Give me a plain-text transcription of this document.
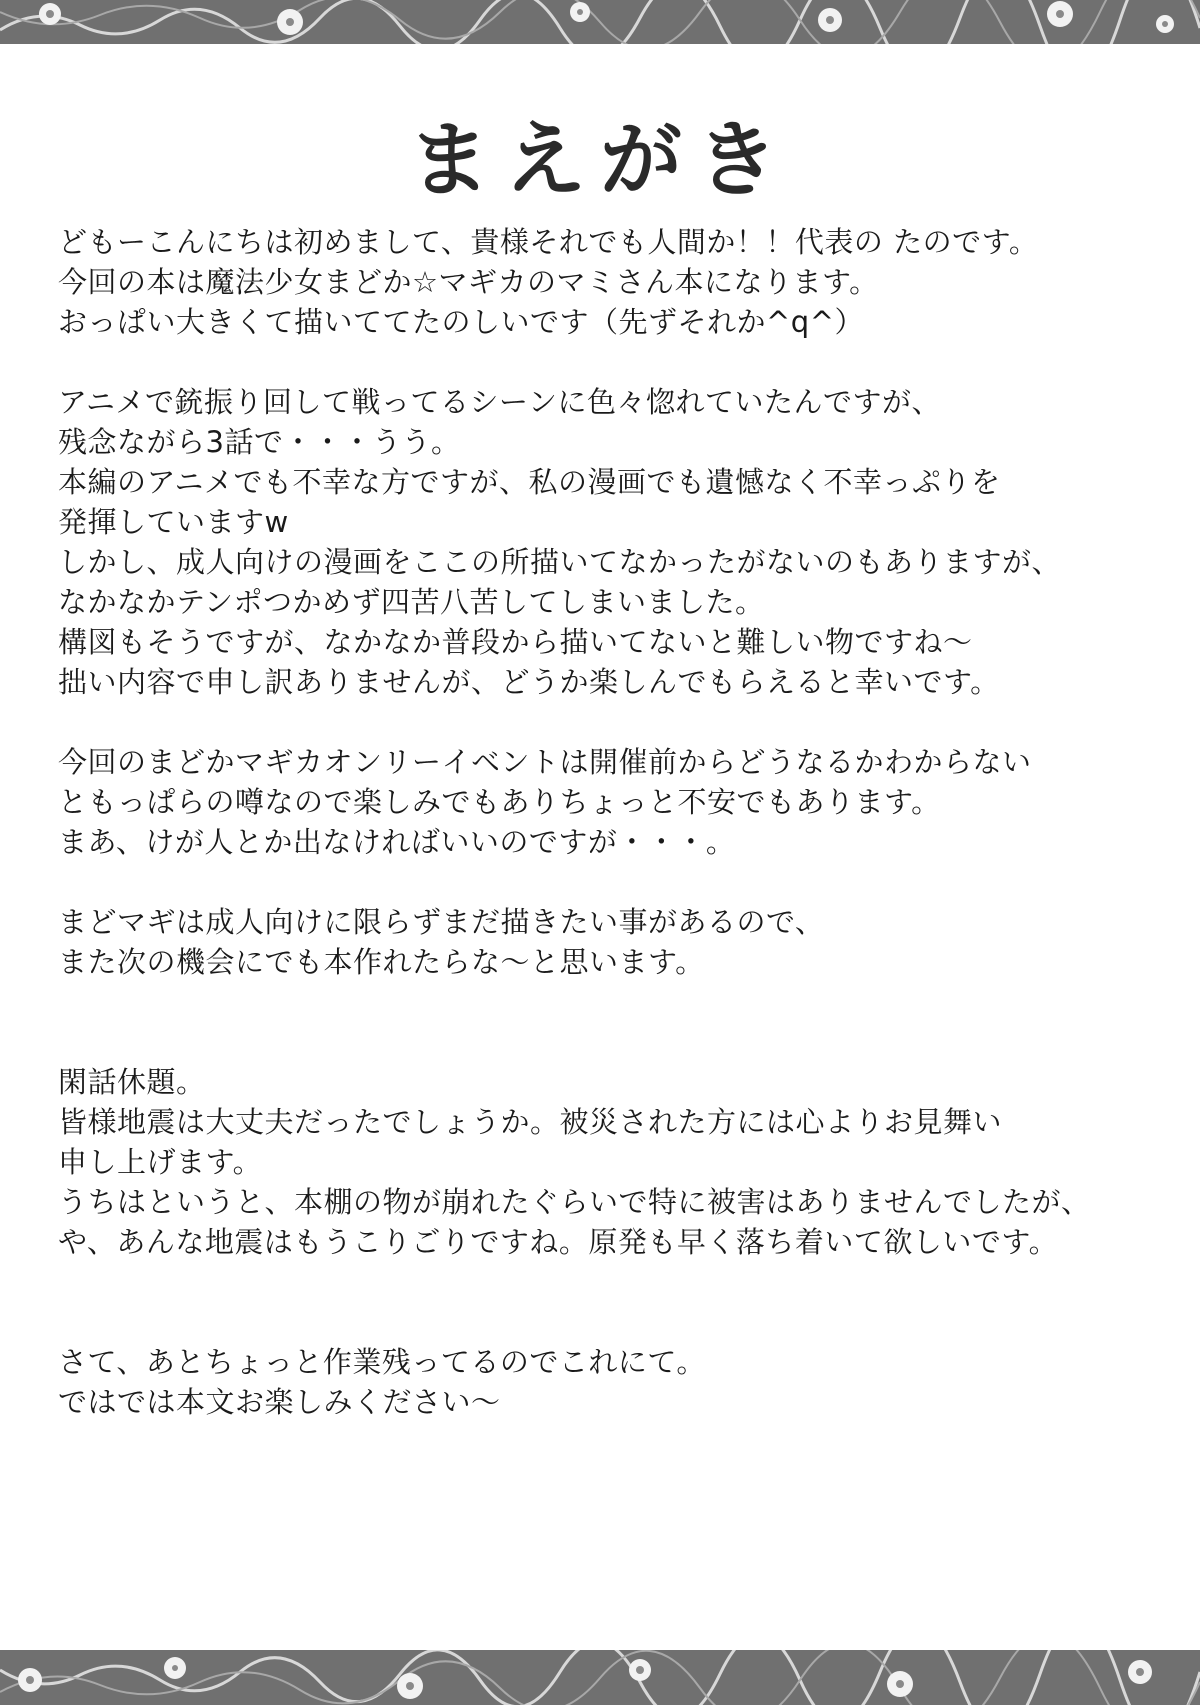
まえがき
どもーこんにちは初めまして、貴様それでも人間か！！代表の たのです。
今回の本は魔法少女まどか☆マギカのマミさん本になります。
おっぱい大きくて描いててたのしいです（先ずそれか^q^）
アニメで銃振り回して戦ってるシーンに色々惚れていたんですが、
残念ながら3話で・・・うう。
本編のアニメでも不幸な方ですが、私の漫画でも遺憾なく不幸っぷりを
発揮していますw
しかし、成人向けの漫画をここの所描いてなかったがないのもありますが、
なかなかテンポつかめず四苦八苦してしまいました。
構図もそうですが、なかなか普段から描いてないと難しい物ですね～
拙い内容で申し訳ありませんが、どうか楽しんでもらえると幸いです。
今回のまどかマギカオンリーイベントは開催前からどうなるかわからない
ともっぱらの噂なので楽しみでもありちょっと不安でもあります。
まあ、けが人とか出なければいいのですが・・・。
まどマギは成人向けに限らずまだ描きたい事があるので、
また次の機会にでも本作れたらな～と思います。
閑話休題。
皆様地震は大丈夫だったでしょうか。被災された方には心よりお見舞い
申し上げます。
うちはというと、本棚の物が崩れたぐらいで特に被害はありませんでしたが、
や、あんな地震はもうこりごりですね。原発も早く落ち着いて欲しいです。
さて、あとちょっと作業残ってるのでこれにて。
ではでは本文お楽しみください～
